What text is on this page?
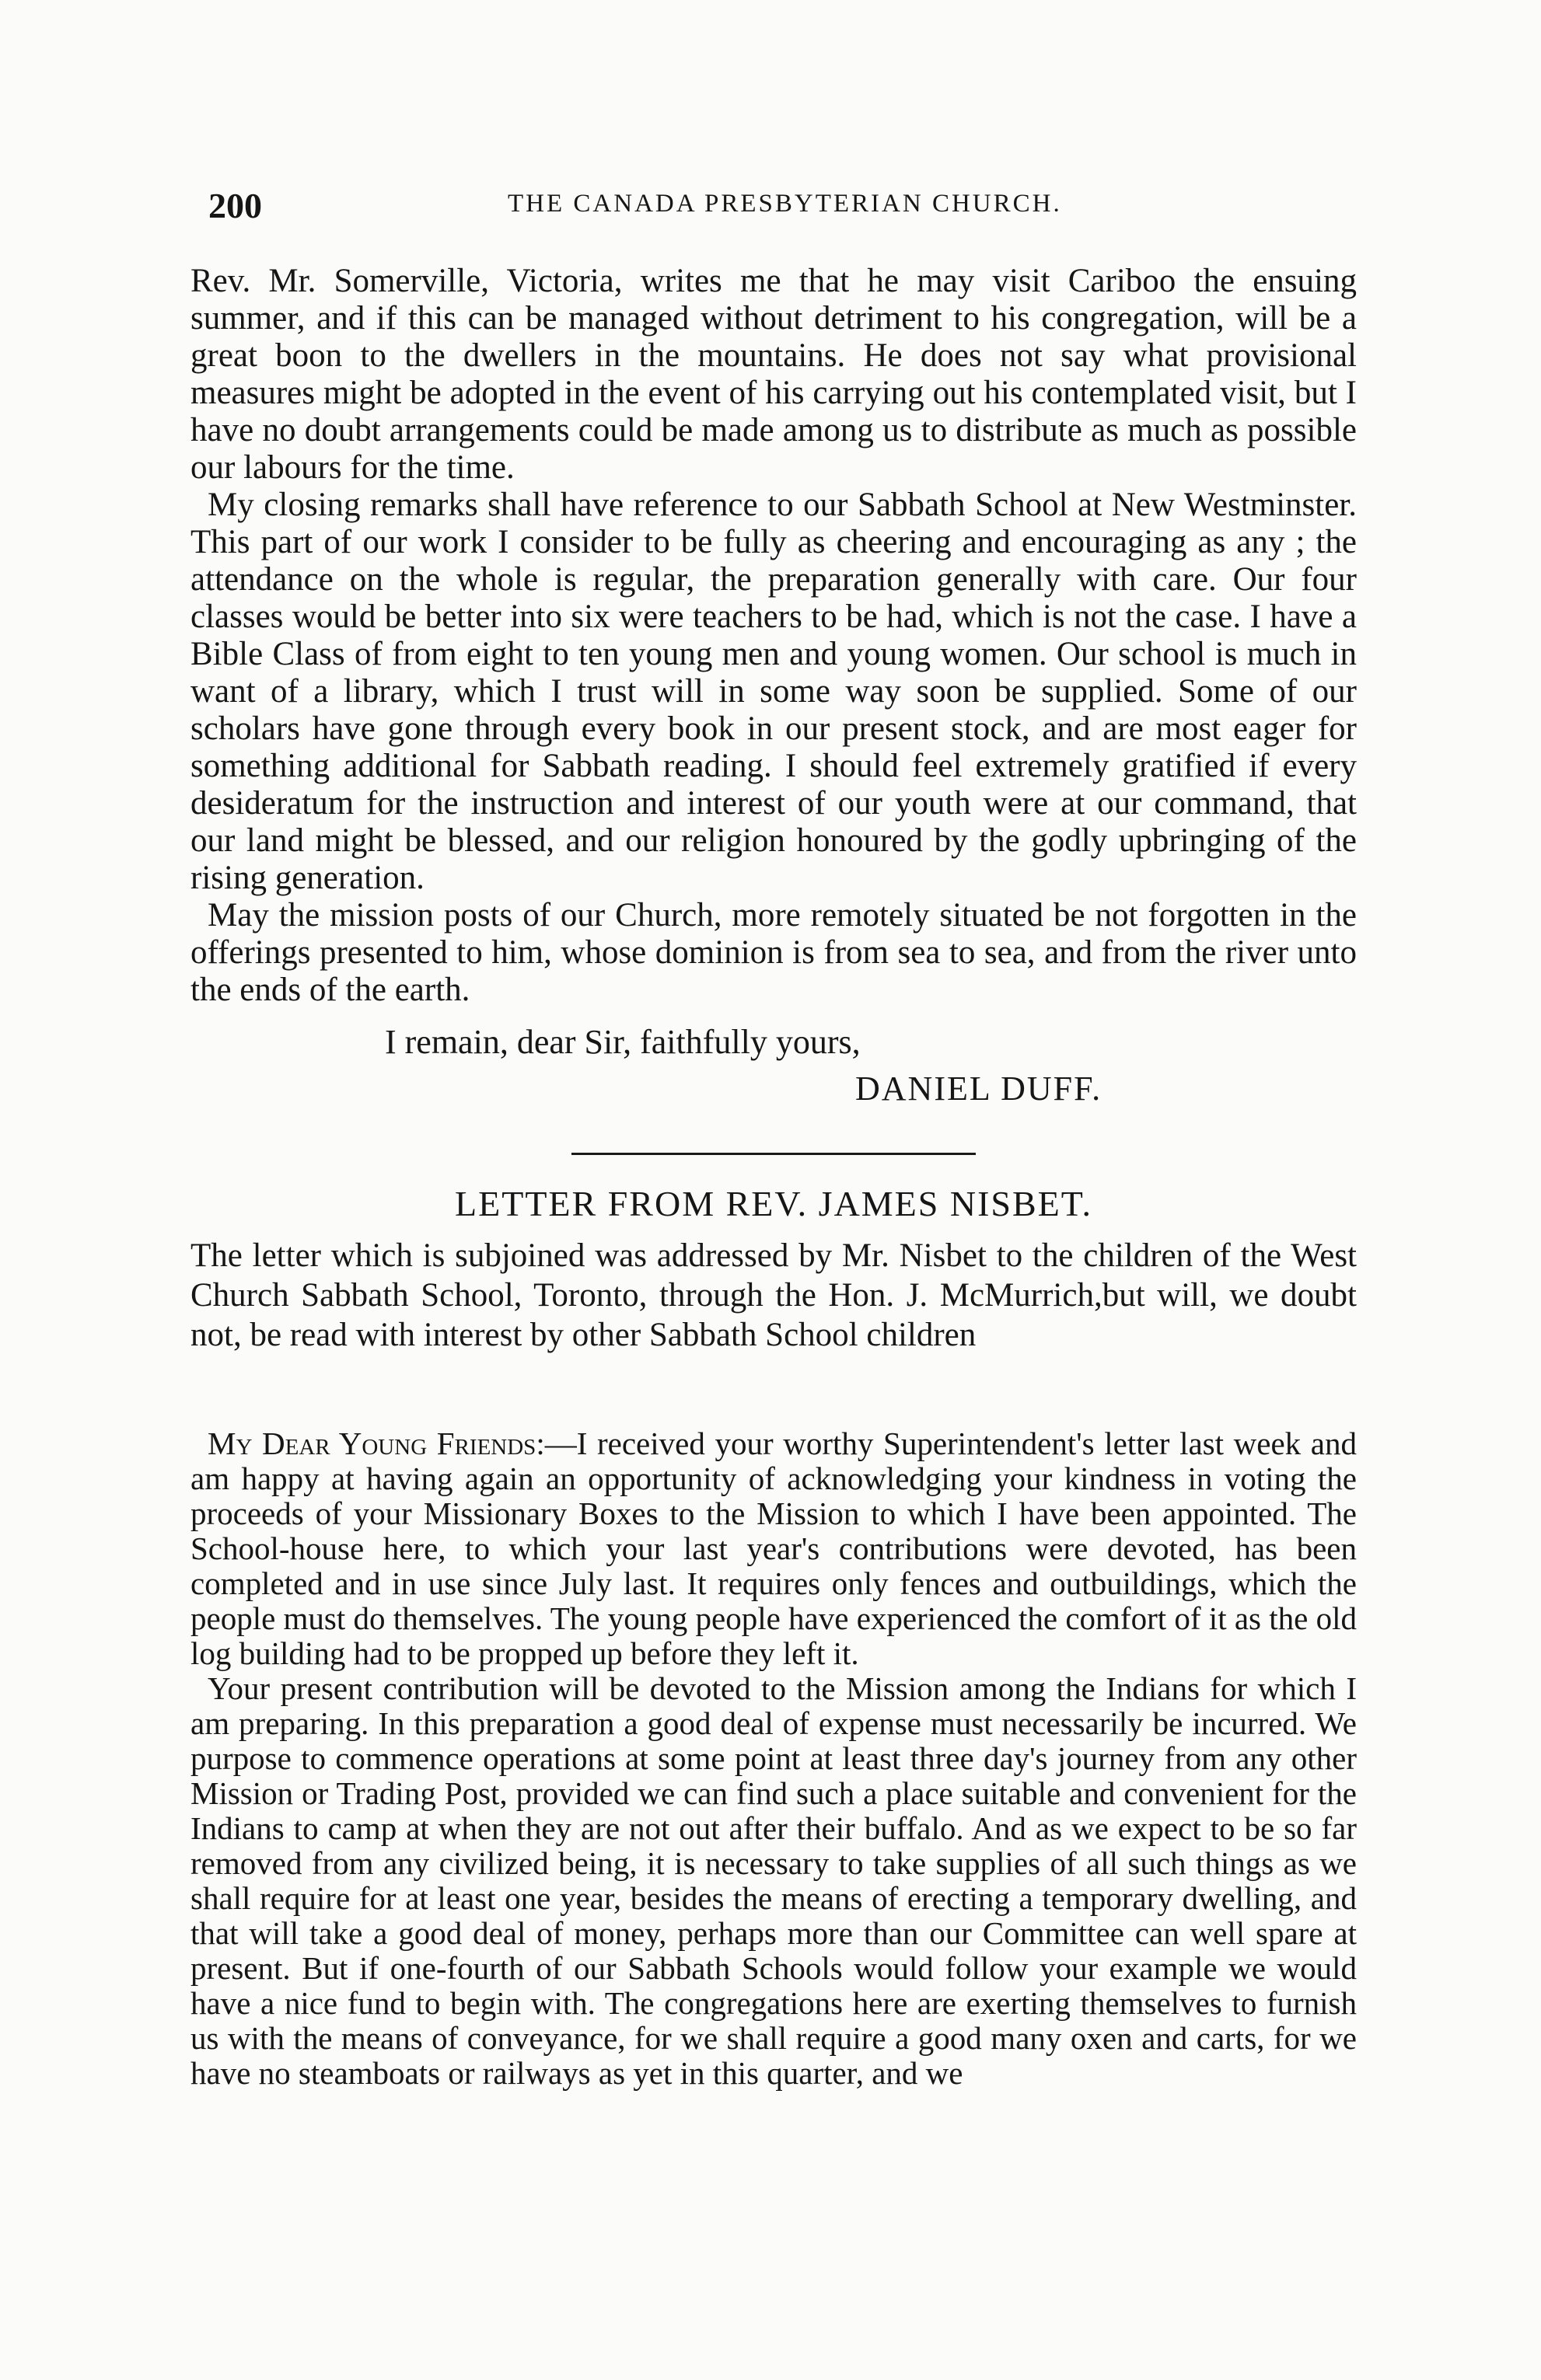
200	THE CANADA PRESBYTERIAN CHURCH.

Rev. Mr. Somerville, Victoria, writes me that he may visit Cariboo the ensuing summer, and if this can be managed without detriment to his congregation, will be a great boon to the dwellers in the mountains. He does not say what provisional measures might be adopted in the event of his carrying out his contemplated visit, but I have no doubt arrangements could be made among us to distribute as much as possible our labours for the time.

My closing remarks shall have reference to our Sabbath School at New Westminster. This part of our work I consider to be fully as cheering and encouraging as any ; the attendance on the whole is regular, the preparation generally with care. Our four classes would be better into six were teachers to be had, which is not the case. I have a Bible Class of from eight to ten young men and young women. Our school is much in want of a library, which I trust will in some way soon be supplied. Some of our scholars have gone through every book in our present stock, and are most eager for something additional for Sabbath reading. I should feel extremely gratified if every desideratum for the instruction and interest of our youth were at our command, that our land might be blessed, and our religion honoured by the godly upbringing of the rising generation.

May the mission posts of our Church, more remotely situated be not forgotten in the offerings presented to him, whose dominion is from sea to sea, and from the river unto the ends of the earth.

I remain, dear Sir, faithfully yours,
DANIEL DUFF.
LETTER FROM REV. JAMES NISBET.

The letter which is subjoined was addressed by Mr. Nisbet to the children of the West Church Sabbath School, Toronto, through the Hon. J. McMurrich,but will, we doubt not, be read with interest by other Sabbath School children

My Dear Young Friends:—I received your worthy Superintendent's letter last week and am happy at having again an opportunity of acknowledging your kindness in voting the proceeds of your Missionary Boxes to the Mission to which I have been appointed. The School-house here, to which your last year's contributions were devoted, has been completed and in use since July last. It requires only fences and outbuildings, which the people must do themselves. The young people have experienced the comfort of it as the old log building had to be propped up before they left it.

Your present contribution will be devoted to the Mission among the Indians for which I am preparing. In this preparation a good deal of expense must necessarily be incurred. We purpose to commence operations at some point at least three day's journey from any other Mission or Trading Post, provided we can find such a place suitable and convenient for the Indians to camp at when they are not out after their buffalo. And as we expect to be so far removed from any civilized being, it is necessary to take supplies of all such things as we shall require for at least one year, besides the means of erecting a temporary dwelling, and that will take a good deal of money, perhaps more than our Committee can well spare at present. But if one-fourth of our Sabbath Schools would follow your example we would have a nice fund to begin with. The congregations here are exerting themselves to furnish us with the means of conveyance, for we shall require a good many oxen and carts, for we have no steamboats or railways as yet in this quarter, and we
